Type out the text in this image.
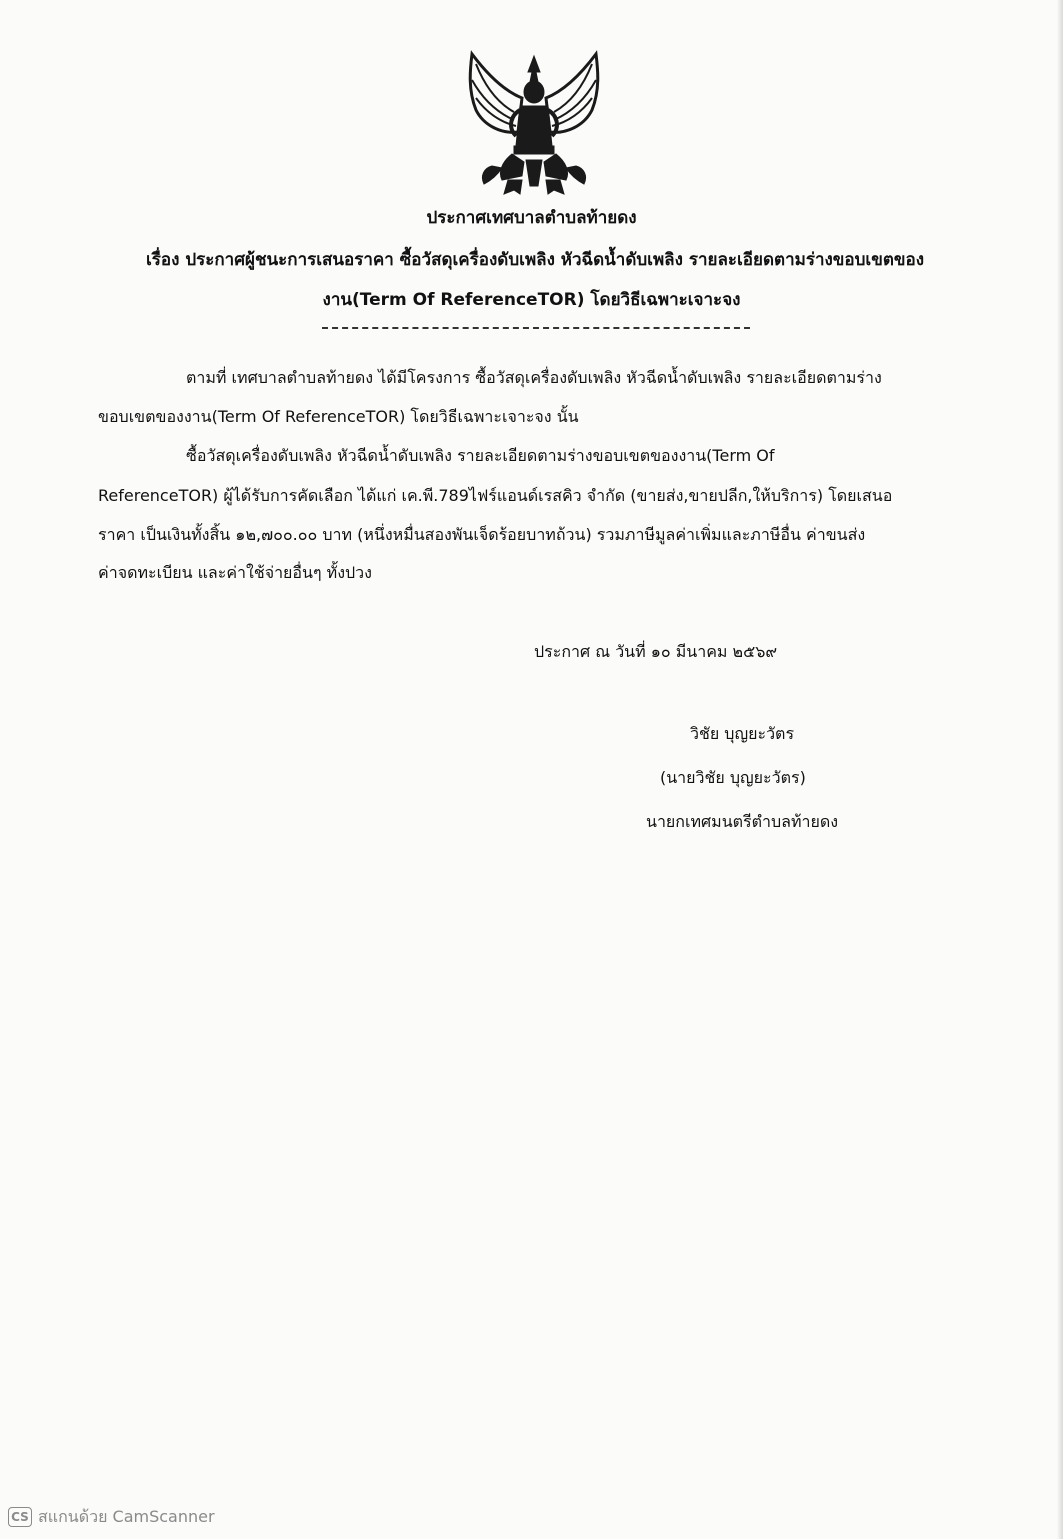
ประกาศเทศบาลตำบลท้ายดง
เรื่อง ประกาศผู้ชนะการเสนอราคา ซื้อวัสดุเครื่องดับเพลิง หัวฉีดน้ำดับเพลิง รายละเอียดตามร่างขอบเขตของ
งาน(Term Of ReferenceTOR) โดยวิธีเฉพาะเจาะจง
ตามที่ เทศบาลตำบลท้ายดง ได้มีโครงการ ซื้อวัสดุเครื่องดับเพลิง หัวฉีดน้ำดับเพลิง รายละเอียดตามร่าง
ขอบเขตของงาน(Term Of ReferenceTOR) โดยวิธีเฉพาะเจาะจง นั้น
ซื้อวัสดุเครื่องดับเพลิง หัวฉีดน้ำดับเพลิง รายละเอียดตามร่างขอบเขตของงาน(Term Of
ReferenceTOR) ผู้ได้รับการคัดเลือก ได้แก่ เค.พี.789ไฟร์แอนด์เรสคิว จำกัด (ขายส่ง,ขายปลีก,ให้บริการ) โดยเสนอ
ราคา เป็นเงินทั้งสิ้น ๑๒,๗๐๐.๐๐ บาท (หนึ่งหมื่นสองพันเจ็ดร้อยบาทถ้วน) รวมภาษีมูลค่าเพิ่มและภาษีอื่น ค่าขนส่ง
ค่าจดทะเบียน และค่าใช้จ่ายอื่นๆ ทั้งปวง
ประกาศ ณ วันที่ ๑๐ มีนาคม ๒๕๖๙
วิชัย บุญยะวัตร
(นายวิชัย บุญยะวัตร)
นายกเทศมนตรีตำบลท้ายดง
CS สแกนด้วย CamScanner
